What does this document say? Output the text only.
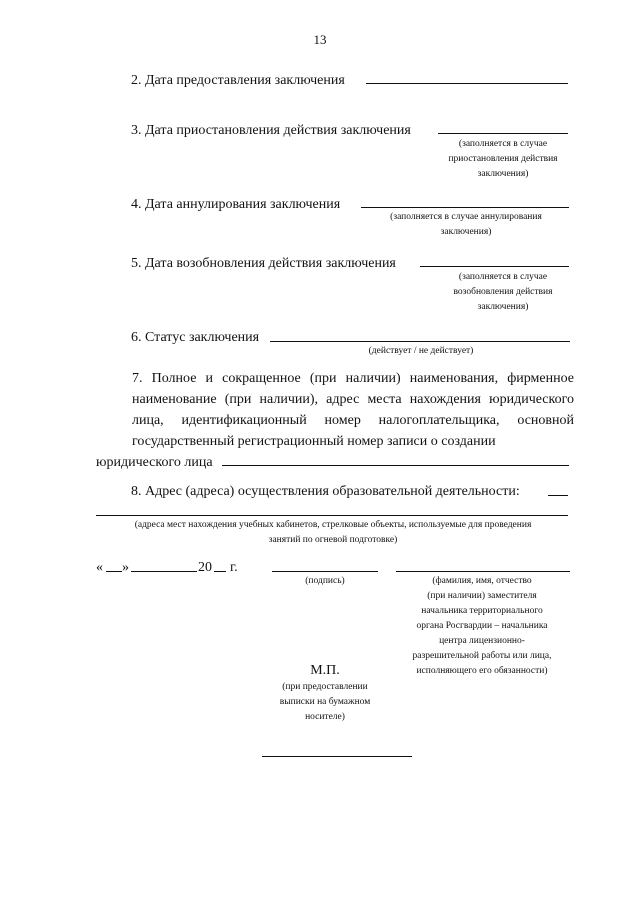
13
2. Дата предоставления заключения
3. Дата приостановления действия заключения
(заполняется в случае
приостановления действия
заключения)
4. Дата аннулирования заключения
(заполняется в случае аннулирования
заключения)
5. Дата возобновления действия заключения
(заполняется в случае
возобновления действия
заключения)
6. Статус заключения
(действует / не действует)
7. Полное и сокращенное (при наличии) наименования, фирменное наименование (при наличии), адрес места нахождения юридического лица, идентификационный номер налогоплательщика, основной государственный регистрационный номер записи о создании
юридического лица
8. Адрес (адреса) осуществления образовательной деятельности:
(адреса мест нахождения учебных кабинетов, стрелковые объекты, используемые для проведения
занятий по огневой подготовке)
« »	20 г.
(подпись)	(фамилия, имя, отчество
(при наличии) заместителя
начальника территориального
органа Росгвардии – начальника
центра лицензионно-
разрешительной работы или лица,
исполняющего его обязанности)
М.П.
(при предоставлении
выписки на бумажном
носителе)
